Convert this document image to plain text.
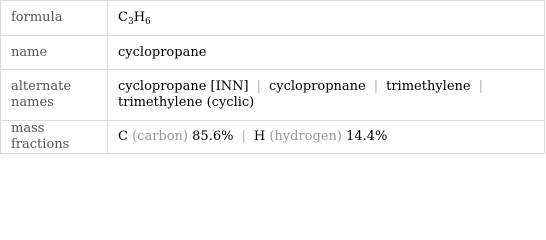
formula	$C_3H_6$
name	cyclopropane
alternate names	cyclopropane [INN] | cyclopropnane | trimethylene |
trimethylene (cyclic)
mass fractions	C (carbon) 85.6% | H (hydrogen) 14.4%
